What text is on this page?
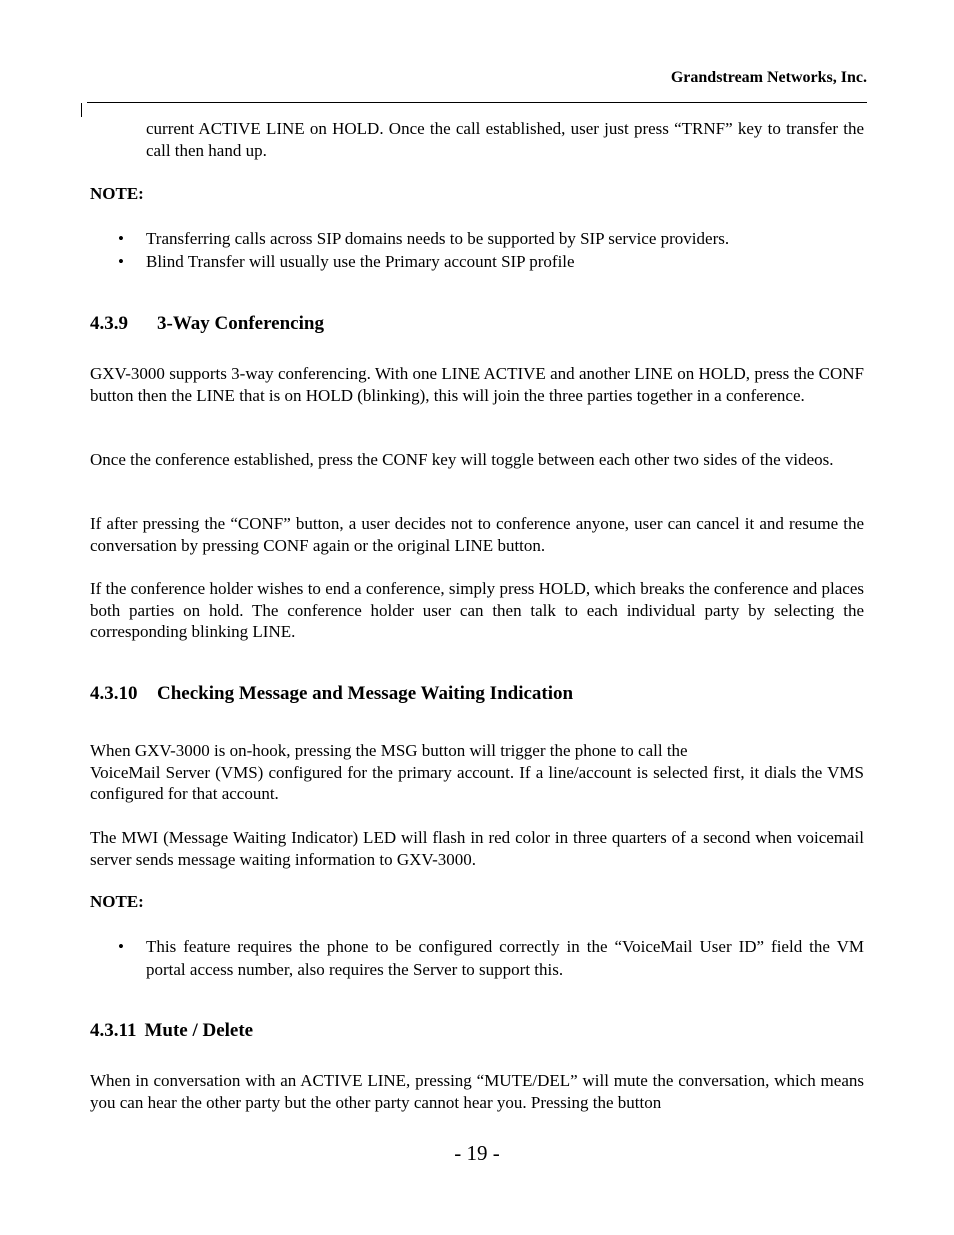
Grandstream Networks, Inc.
current ACTIVE LINE on HOLD. Once the call established, user just press “TRNF” key to transfer the call then hand up.
NOTE:
• Transferring calls across SIP domains needs to be supported by SIP service providers.
• Blind Transfer will usually use the Primary account SIP profile
4.3.9 3-Way Conferencing
GXV-3000 supports 3-way conferencing. With one LINE ACTIVE and another LINE on HOLD, press the CONF button then the LINE that is on HOLD (blinking), this will join the three parties together in a conference.
Once the conference established, press the CONF key will toggle between each other two sides of the videos.
If after pressing the “CONF” button, a user decides not to conference anyone, user can cancel it and resume the conversation by pressing CONF again or the original LINE button.
If the conference holder wishes to end a conference, simply press HOLD, which breaks the conference and places both parties on hold. The conference holder user can then talk to each individual party by selecting the corresponding blinking LINE.
4.3.10 Checking Message and Message Waiting Indication
When GXV-3000 is on-hook, pressing the MSG button will trigger the phone to call the
VoiceMail Server (VMS) configured for the primary account. If a line/account is selected first, it dials the VMS configured for that account.
The MWI (Message Waiting Indicator) LED will flash in red color in three quarters of a second when voicemail server sends message waiting information to GXV-3000.
NOTE:
• This feature requires the phone to be configured correctly in the “VoiceMail User ID” field the VM portal access number, also requires the Server to support this.
4.3.11 Mute / Delete
When in conversation with an ACTIVE LINE, pressing “MUTE/DEL” will mute the conversation, which means you can hear the other party but the other party cannot hear you. Pressing the button
- 19 -
